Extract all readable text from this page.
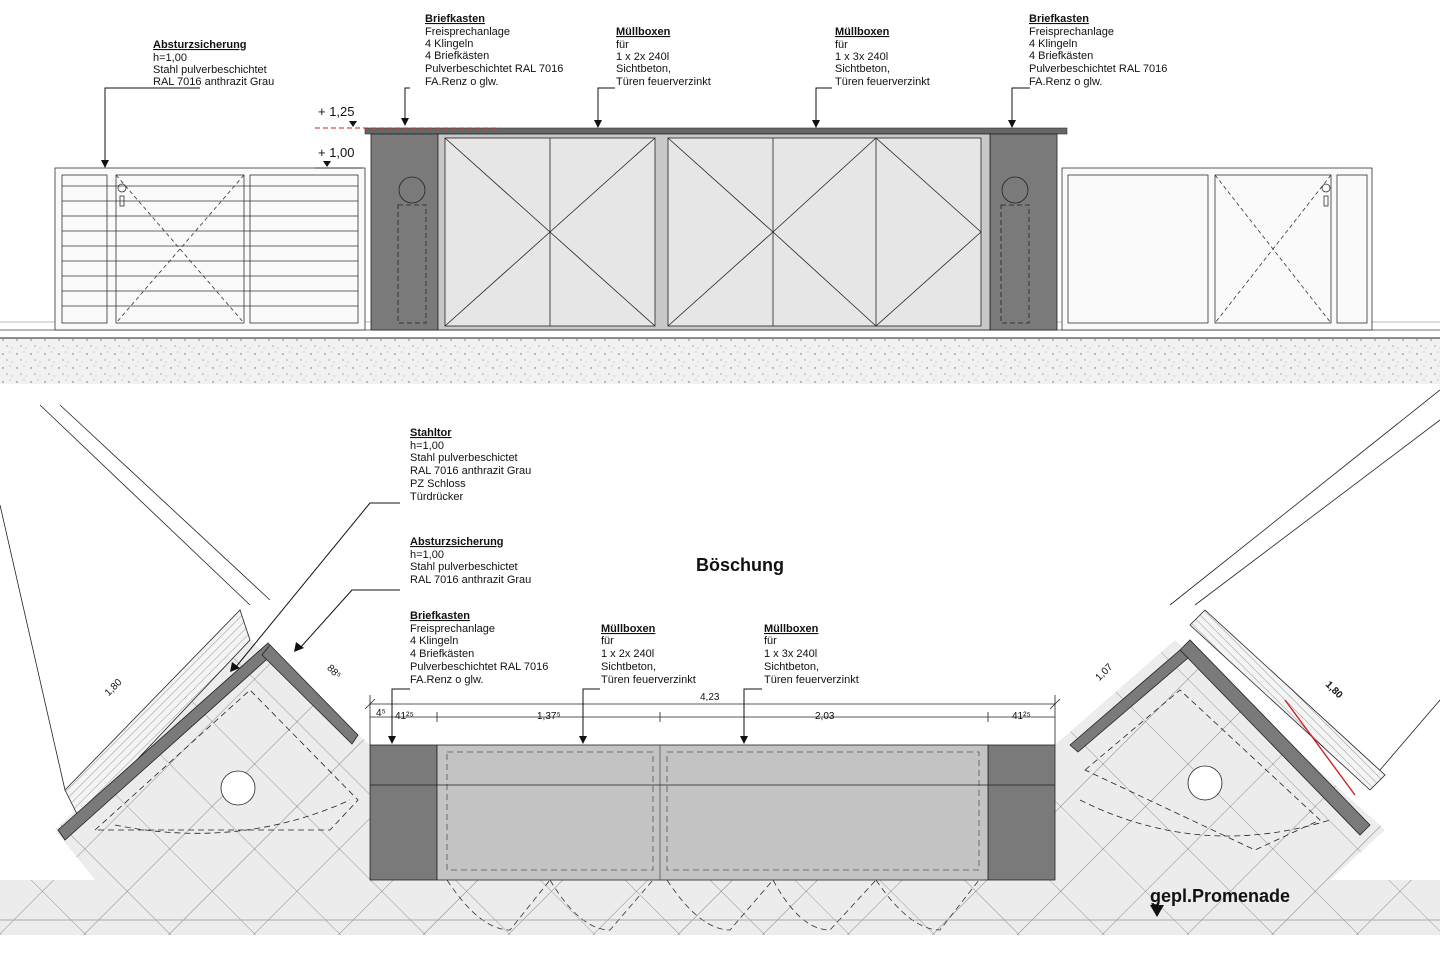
+ 1,25
+ 1,00
Absturzsicherung
h=1,00
Stahl pulverbeschichtet
RAL 7016 anthrazit Grau
Briefkasten
Freisprechanlage
4 Klingeln
4 Briefkästen
Pulverbeschichtet RAL 7016
FA.Renz o glw.
Müllboxen
für
1 x 2x 240l
Sichtbeton,
Türen feuerverzinkt
Müllboxen
für
1 x 3x 240l
Sichtbeton,
Türen feuerverzinkt
Briefkasten
Freisprechanlage
4 Klingeln
4 Briefkästen
Pulverbeschichtet RAL 7016
FA.Renz o glw.
4,23
1,37⁵	2,03
41²⁵	41²⁵
4⁵
1,80
88⁵	1,07
1,80
Böschung
gepl.Promenade
Stahltor
h=1,00
Stahl pulverbeschictet
RAL 7016 anthrazit Grau
PZ Schloss
Türdrücker
Absturzsicherung
h=1,00
Stahl pulverbeschictet
RAL 7016 anthrazit Grau
Briefkasten
Freisprechanlage
4 Klingeln
4 Briefkästen
Pulverbeschichtet RAL 7016
FA.Renz o glw.
Müllboxen
für
1 x 2x 240l
Sichtbeton,
Türen feuerverzinkt
Müllboxen
für
1 x 3x 240l
Sichtbeton,
Türen feuerverzinkt
